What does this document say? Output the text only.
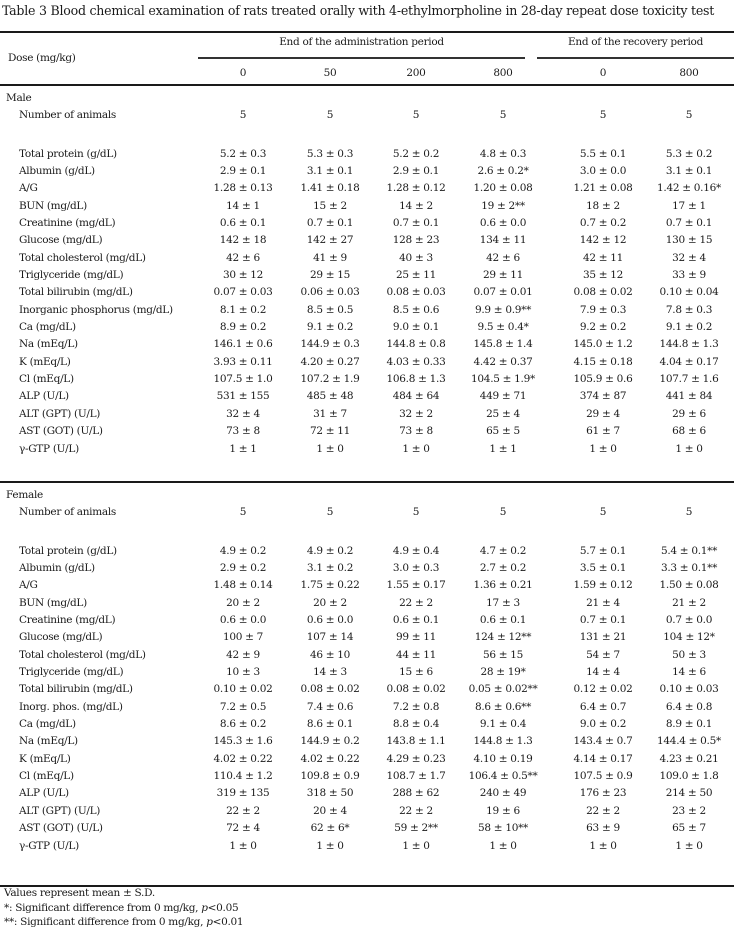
Table 3 Blood chemical examination of rats treated orally with 4-ethylmorpholine in 28-day repeat dose toxicity test
Dose (mg/kg)
End of the administration period	End of the recovery period
0	50	200	800	0	800
Male
Number of animals	5	5	5	5	5	5
Total protein (g/dL)	5.2 ± 0.3	5.3 ± 0.3	5.2 ± 0.2	4.8 ± 0.3	5.5 ± 0.1	5.3 ± 0.2
Albumin (g/dL)	2.9 ± 0.1	3.1 ± 0.1	2.9 ± 0.1	2.6 ± 0.2*	3.0 ± 0.0	3.1 ± 0.1
A/G	1.28 ± 0.13	1.41 ± 0.18	1.28 ± 0.12	1.20 ± 0.08	1.21 ± 0.08	1.42 ± 0.16*
BUN (mg/dL)	14 ± 1	15 ± 2	14 ± 2	19 ± 2**	18 ± 2	17 ± 1
Creatinine (mg/dL)	0.6 ± 0.1	0.7 ± 0.1	0.7 ± 0.1	0.6 ± 0.0	0.7 ± 0.2	0.7 ± 0.1
Glucose (mg/dL)	142 ± 18	142 ± 27	128 ± 23	134 ± 11	142 ± 12	130 ± 15
Total cholesterol (mg/dL)	42 ± 6	41 ± 9	40 ± 3	42 ± 6	42 ± 11	32 ± 4
Triglyceride (mg/dL)	30 ± 12	29 ± 15	25 ± 11	29 ± 11	35 ± 12	33 ± 9
Total bilirubin (mg/dL)	0.07 ± 0.03	0.06 ± 0.03	0.08 ± 0.03	0.07 ± 0.01	0.08 ± 0.02	0.10 ± 0.04
Inorganic phosphorus (mg/dL)	8.1 ± 0.2	8.5 ± 0.5	8.5 ± 0.6	9.9 ± 0.9**	7.9 ± 0.3	7.8 ± 0.3
Ca (mg/dL)	8.9 ± 0.2	9.1 ± 0.2	9.0 ± 0.1	9.5 ± 0.4*	9.2 ± 0.2	9.1 ± 0.2
Na (mEq/L)	146.1 ± 0.6	144.9 ± 0.3	144.8 ± 0.8	145.8 ± 1.4	145.0 ± 1.2	144.8 ± 1.3
K (mEq/L)	3.93 ± 0.11	4.20 ± 0.27	4.03 ± 0.33	4.42 ± 0.37	4.15 ± 0.18	4.04 ± 0.17
Cl (mEq/L)	107.5 ± 1.0	107.2 ± 1.9	106.8 ± 1.3	104.5 ± 1.9*	105.9 ± 0.6	107.7 ± 1.6
ALP (U/L)	531 ± 155	485 ± 48	484 ± 64	449 ± 71	374 ± 87	441 ± 84
ALT (GPT) (U/L)	32 ± 4	31 ± 7	32 ± 2	25 ± 4	29 ± 4	29 ± 6
AST (GOT) (U/L)	73 ± 8	72 ± 11	73 ± 8	65 ± 5	61 ± 7	68 ± 6
γ-GTP (U/L)	1 ± 1	1 ± 0	1 ± 0	1 ± 1	1 ± 0	1 ± 0
Female
Number of animals	5	5	5	5	5	5
Total protein (g/dL)	4.9 ± 0.2	4.9 ± 0.2	4.9 ± 0.4	4.7 ± 0.2	5.7 ± 0.1	5.4 ± 0.1**
Albumin (g/dL)	2.9 ± 0.2	3.1 ± 0.2	3.0 ± 0.3	2.7 ± 0.2	3.5 ± 0.1	3.3 ± 0.1**
A/G	1.48 ± 0.14	1.75 ± 0.22	1.55 ± 0.17	1.36 ± 0.21	1.59 ± 0.12	1.50 ± 0.08
BUN (mg/dL)	20 ± 2	20 ± 2	22 ± 2	17 ± 3	21 ± 4	21 ± 2
Creatinine (mg/dL)	0.6 ± 0.0	0.6 ± 0.0	0.6 ± 0.1	0.6 ± 0.1	0.7 ± 0.1	0.7 ± 0.0
Glucose (mg/dL)	100 ± 7	107 ± 14	99 ± 11	124 ± 12**	131 ± 21	104 ± 12*
Total cholesterol (mg/dL)	42 ± 9	46 ± 10	44 ± 11	56 ± 15	54 ± 7	50 ± 3
Triglyceride (mg/dL)	10 ± 3	14 ± 3	15 ± 6	28 ± 19*	14 ± 4	14 ± 6
Total bilirubin (mg/dL)	0.10 ± 0.02	0.08 ± 0.02	0.08 ± 0.02	0.05 ± 0.02**	0.12 ± 0.02	0.10 ± 0.03
Inorg. phos. (mg/dL)	7.2 ± 0.5	7.4 ± 0.6	7.2 ± 0.8	8.6 ± 0.6**	6.4 ± 0.7	6.4 ± 0.8
Ca (mg/dL)	8.6 ± 0.2	8.6 ± 0.1	8.8 ± 0.4	9.1 ± 0.4	9.0 ± 0.2	8.9 ± 0.1
Na (mEq/L)	145.3 ± 1.6	144.9 ± 0.2	143.8 ± 1.1	144.8 ± 1.3	143.4 ± 0.7	144.4 ± 0.5*
K (mEq/L)	4.02 ± 0.22	4.02 ± 0.22	4.29 ± 0.23	4.10 ± 0.19	4.14 ± 0.17	4.23 ± 0.21
Cl (mEq/L)	110.4 ± 1.2	109.8 ± 0.9	108.7 ± 1.7	106.4 ± 0.5**	107.5 ± 0.9	109.0 ± 1.8
ALP (U/L)	319 ± 135	318 ± 50	288 ± 62	240 ± 49	176 ± 23	214 ± 50
ALT (GPT) (U/L)	22 ± 2	20 ± 4	22 ± 2	19 ± 6	22 ± 2	23 ± 2
AST (GOT) (U/L)	72 ± 4	62 ± 6*	59 ± 2**	58 ± 10**	63 ± 9	65 ± 7
γ-GTP (U/L)	1 ± 0	1 ± 0	1 ± 0	1 ± 0	1 ± 0	1 ± 0
Values represent mean ± S.D.
*: Significant difference from 0 mg/kg, p<0.05
**: Significant difference from 0 mg/kg, p<0.01
